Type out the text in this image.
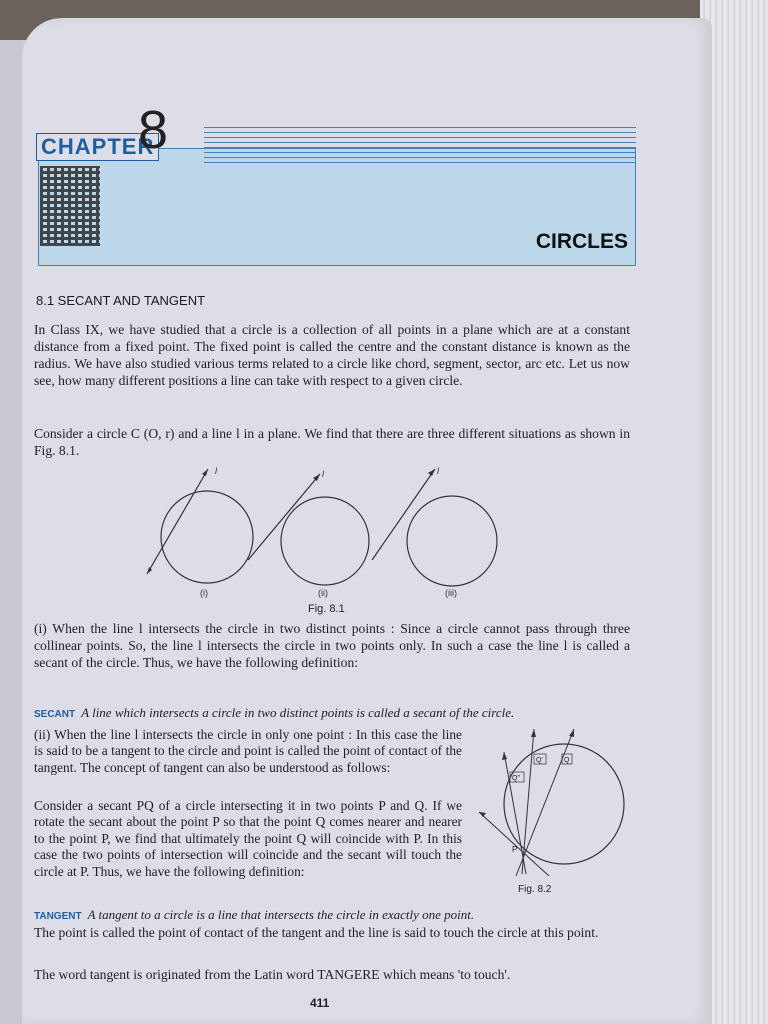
CHAPTER
8
CIRCLES
8.1 SECANT AND TANGENT

In Class IX, we have studied that a circle is a collection of all points in a plane which are at a constant distance from a fixed point. The fixed point is called the centre and the constant distance is known as the radius. We have also studied various terms related to a circle like chord, segment, sector, arc etc. Let us now see, how many different positions a line can take with respect to a given circle.

Consider a circle C (O, r) and a line l in a plane. We find that there are three different situations as shown in Fig. 8.1.

l	l	l
(i)	(ii)	(iii)
Fig. 8.1

(i) When the line l intersects the circle in two distinct points : Since a circle cannot pass through three collinear points. So, the line l intersects the circle in two points only. In such a case the line l is called a secant of the circle. Thus, we have the following definition:

SECANT A line which intersects a circle in two distinct points is called a secant of the circle.

(ii) When the line l intersects the circle in only one point : In this case the line is said to be a tangent to the circle and point is called the point of contact of the tangent. The concept of tangent can also be understood as follows:

Consider a secant PQ of a circle intersecting it in two points P and Q. If we rotate the secant about the point P so that the point Q comes nearer and nearer to the point P, we find that ultimately the point Q will coincide with P. In this case the two points of intersection will coincide and the secant will touch the circle at P. Thus, we have the following definition:

Q'	Q
Q''
P
Fig. 8.2

TANGENT A tangent to a circle is a line that intersects the circle in exactly one point.

The point is called the point of contact of the tangent and the line is said to touch the circle at this point.

The word tangent is originated from the Latin word TANGERE which means 'to touch'.

411
